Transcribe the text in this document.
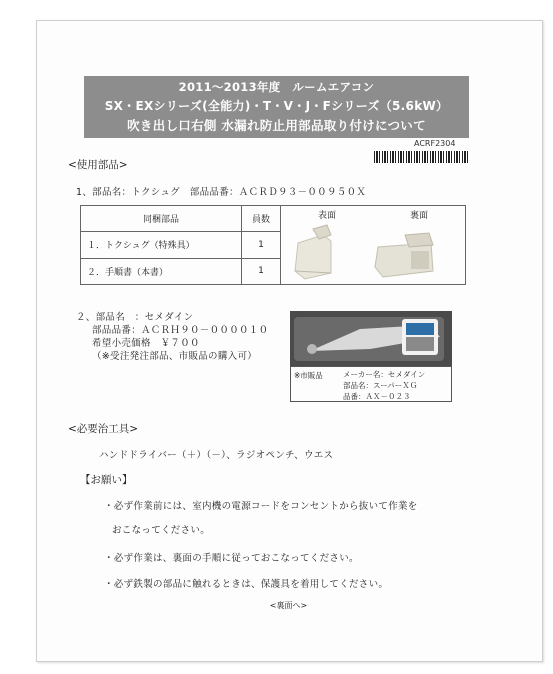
2011～2013年度　ルームエアコン
SX・EXシリーズ(全能力)・T・V・J・Fシリーズ（5.6kW）
吹き出し口右側 水漏れ防止用部品取り付けについて
ACRF2304
<使用部品>
1、部品名：トクシュグ　部品品番：ＡＣＲＤ９３－００９５０Ｘ
同梱部品	員数	表面 裏面

１．トクシュグ（特殊具）	1	
２．手順書（本書）	1	
２、部品名　：セメダイン
部品品番：ＡＣＲＨ９０－００００１０
希望小売価格　￥７００
（※受注発注部品、市販品の購入可）
※市販品	メーカー名：セメダイン
部品名：スーパーＸＧ
品番：ＡＸ－０２３
<必要治工具>
ハンドドライバー（＋）（－）、ラジオペンチ、ウエス
【お願い】
・必ず作業前には、室内機の電源コードをコンセントから抜いて作業を
おこなってください。
・必ず作業は、裏面の手順に従っておこなってください。
・必ず鉄製の部品に触れるときは、保護具を着用してください。
<裏面へ>
